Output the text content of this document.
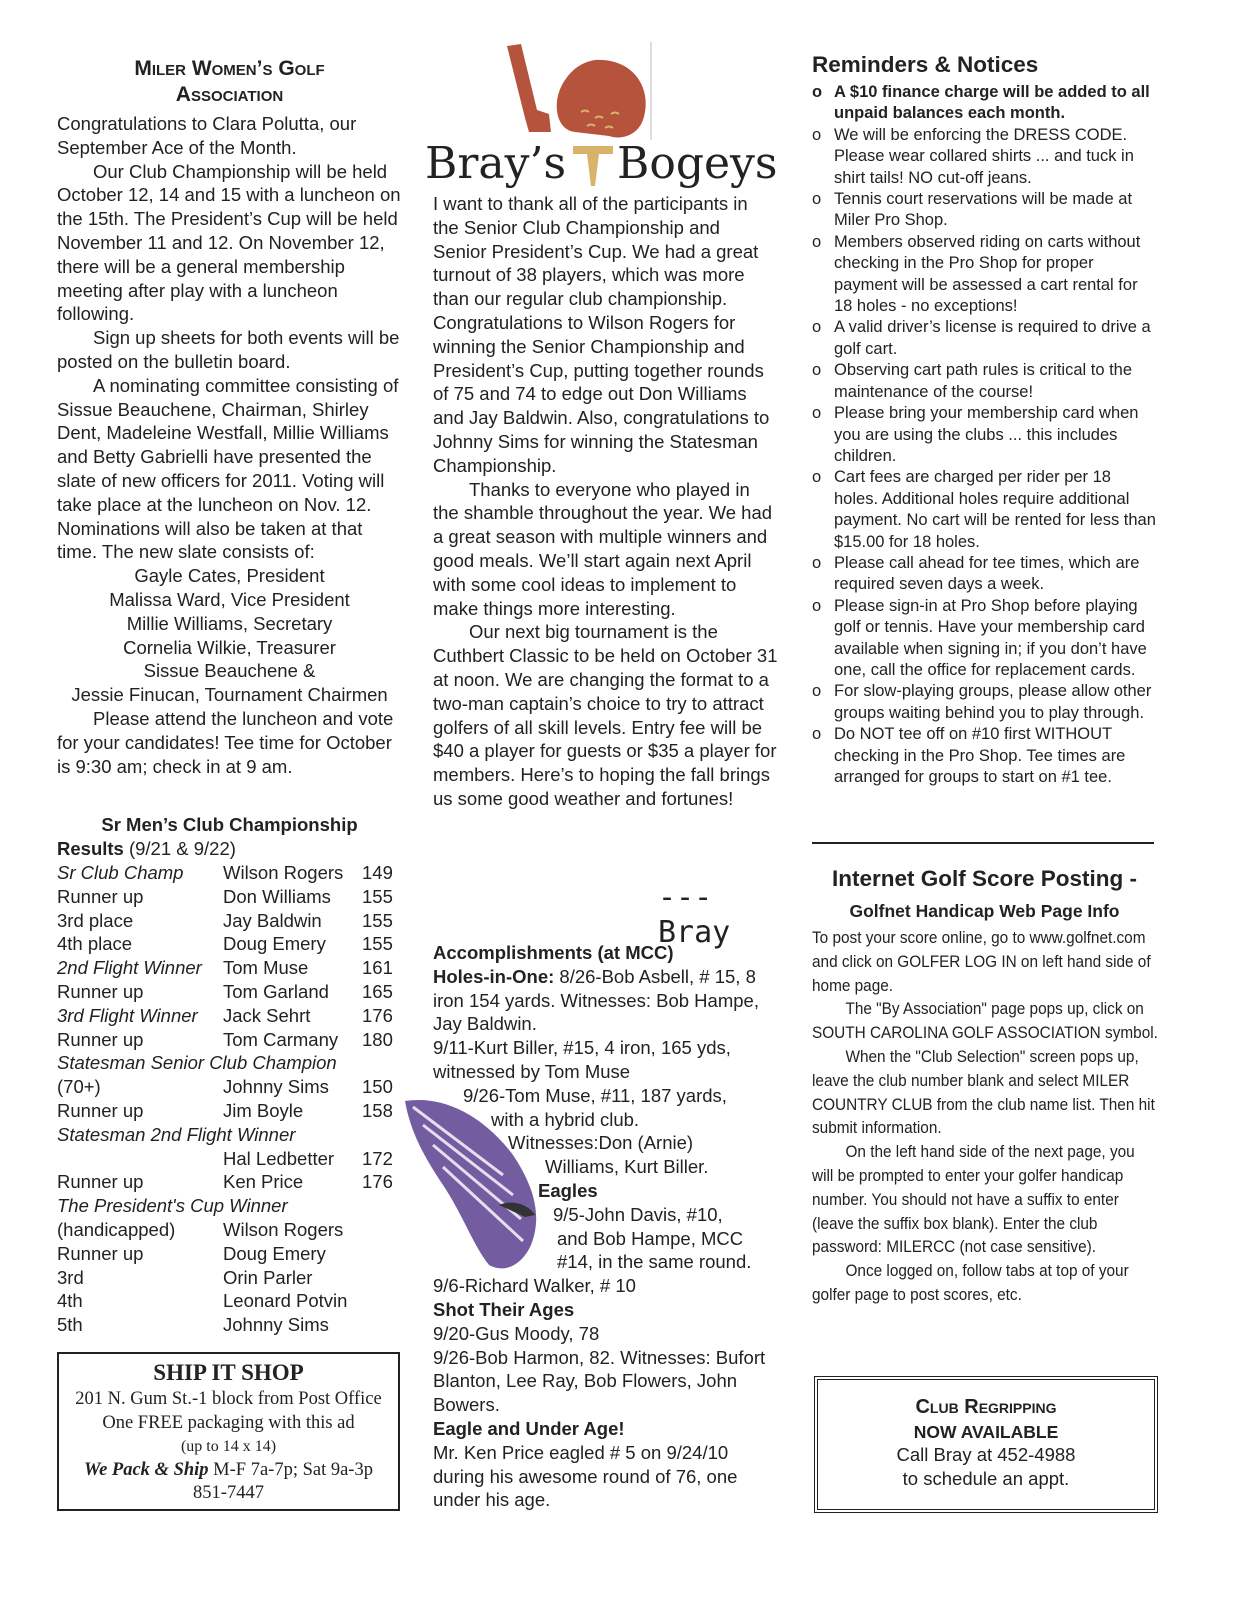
Miler Women’s Golf
Association

Congratulations to Clara Polutta, our September Ace of the Month.

Our Club Championship will be held October 12, 14 and 15 with a luncheon on the 15th. The President’s Cup will be held November 11 and 12. On November 12, there will be a general membership meeting after play with a luncheon following.

Sign up sheets for both events will be posted on the bulletin board.

A nominating committee consisting of Sissue Beauchene, Chairman, Shirley Dent, Madeleine Westfall, Millie Williams and Betty Gabrielli have presented the slate of new officers for 2011. Voting will take place at the luncheon on Nov. 12. Nominations will also be taken at that time. The new slate consists of:

Gayle Cates, President
Malissa Ward, Vice President
Millie Williams, Secretary
Cornelia Wilkie, Treasurer
Sissue Beauchene &
Jessie Finucan, Tournament Chairmen

Please attend the luncheon and vote for your candidates! Tee time for October is 9:30 am; check in at 9 am.

Sr Men’s Club Championship
Results (9/21 & 9/22)
Sr Club Champ	Wilson Rogers	149
Runner up	Don Williams	155
3rd place	Jay Baldwin	155
4th place	Doug Emery	155
2nd Flight Winner	Tom Muse	161
Runner up	Tom Garland	165
3rd Flight Winner	Jack Sehrt	176
Runner up	Tom Carmany	180
Statesman Senior Club Champion
(70+)	Johnny Sims	150
Runner up	Jim Boyle	158
Statesman 2nd Flight Winner
Hal Ledbetter	172
Runner up	Ken Price	176
The President's Cup Winner
(handicapped)	Wilson Rogers
Runner up	Doug Emery
3rd	Orin Parler
4th	Leonard Potvin
5th	Johnny Sims
SHIP IT SHOP

201 N. Gum St.-1 block from Post Office

One FREE packaging with this ad

(up to 14 x 14)

We Pack & Ship M-F 7a-7p; Sat 9a-3p

851-7447

Bray’s Bogeys

I want to thank all of the participants in the Senior Club Championship and Senior President’s Cup. We had a great turnout of 38 players, which was more than our regular club championship. Congratulations to Wilson Rogers for winning the Senior Championship and President’s Cup, putting together rounds of 75 and 74 to edge out Don Williams and Jay Baldwin. Also, congratulations to Johnny Sims for winning the Statesman Championship.

Thanks to everyone who played in the shamble throughout the year. We had a great season with multiple winners and good meals. We’ll start again next April with some cool ideas to implement to make things more interesting.

Our next big tournament is the Cuthbert Classic to be held on October 31 at noon. We are changing the format to a two-man captain’s choice to try to attract golfers of all skill levels. Entry fee will be $40 a player for guests or $35 a player for members. Here’s to hoping the fall brings us some good weather and fortunes!

---Bray
Accomplishments (at MCC)

Holes-in-One: 8/26-Bob Asbell, # 15, 8 iron 154 yards. Witnesses: Bob Hampe, Jay Baldwin.

9/11-Kurt Biller, #15, 4 iron, 165 yds, witnessed by Tom Muse

9/26-Tom Muse, #11, 187 yards,

with a hybrid club.

Witnesses:Don (Arnie)

Williams, Kurt Biller.

Eagles

9/5-John Davis, #10,

and Bob Hampe, MCC

#14, in the same round.

9/6-Richard Walker, # 10

Shot Their Ages

9/20-Gus Moody, 78

9/26-Bob Harmon, 82. Witnesses: Bufort Blanton, Lee Ray, Bob Flowers, John Bowers.

Eagle and Under Age!

Mr. Ken Price eagled # 5 on 9/24/10 during his awesome round of 76, one under his age.

Reminders & Notices
o A $10 finance charge will be added to all unpaid balances each month.
o We will be enforcing the DRESS CODE. Please wear collared shirts ... and tuck in shirt tails! NO cut-off jeans.
o Tennis court reservations will be made at Miler Pro Shop.
o Members observed riding on carts without checking in the Pro Shop for proper payment will be assessed a cart rental for 18 holes - no exceptions!
o A valid driver’s license is required to drive a golf cart.
o Observing cart path rules is critical to the maintenance of the course!
o Please bring your membership card when you are using the clubs ... this includes children.
o Cart fees are charged per rider per 18 holes. Additional holes require additional payment. No cart will be rented for less than $15.00 for 18 holes.
o Please call ahead for tee times, which are required seven days a week.
o Please sign-in at Pro Shop before playing golf or tennis. Have your membership card available when signing in; if you don’t have one, call the office for replacement cards.
o For slow-playing groups, please allow other groups waiting behind you to play through.
o Do NOT tee off on #10 first WITHOUT checking in the Pro Shop. Tee times are arranged for groups to start on #1 tee.
Internet Golf Score Posting -
Golfnet Handicap Web Page Info

To post your score online, go to www.golfnet.com and click on GOLFER LOG IN on left hand side of home page.

The "By Association" page pops up, click on SOUTH CAROLINA GOLF ASSOCIATION symbol.

When the "Club Selection" screen pops up, leave the club number blank and select MILER COUNTRY CLUB from the club name list. Then hit submit information.

On the left hand side of the next page, you will be prompted to enter your golfer handicap number. You should not have a suffix to enter (leave the suffix box blank). Enter the club password: MILERCC (not case sensitive).

Once logged on, follow tabs at top of your golfer page to post scores, etc.

Club Regripping
NOW AVAILABLE

Call Bray at 452-4988

to schedule an appt.
